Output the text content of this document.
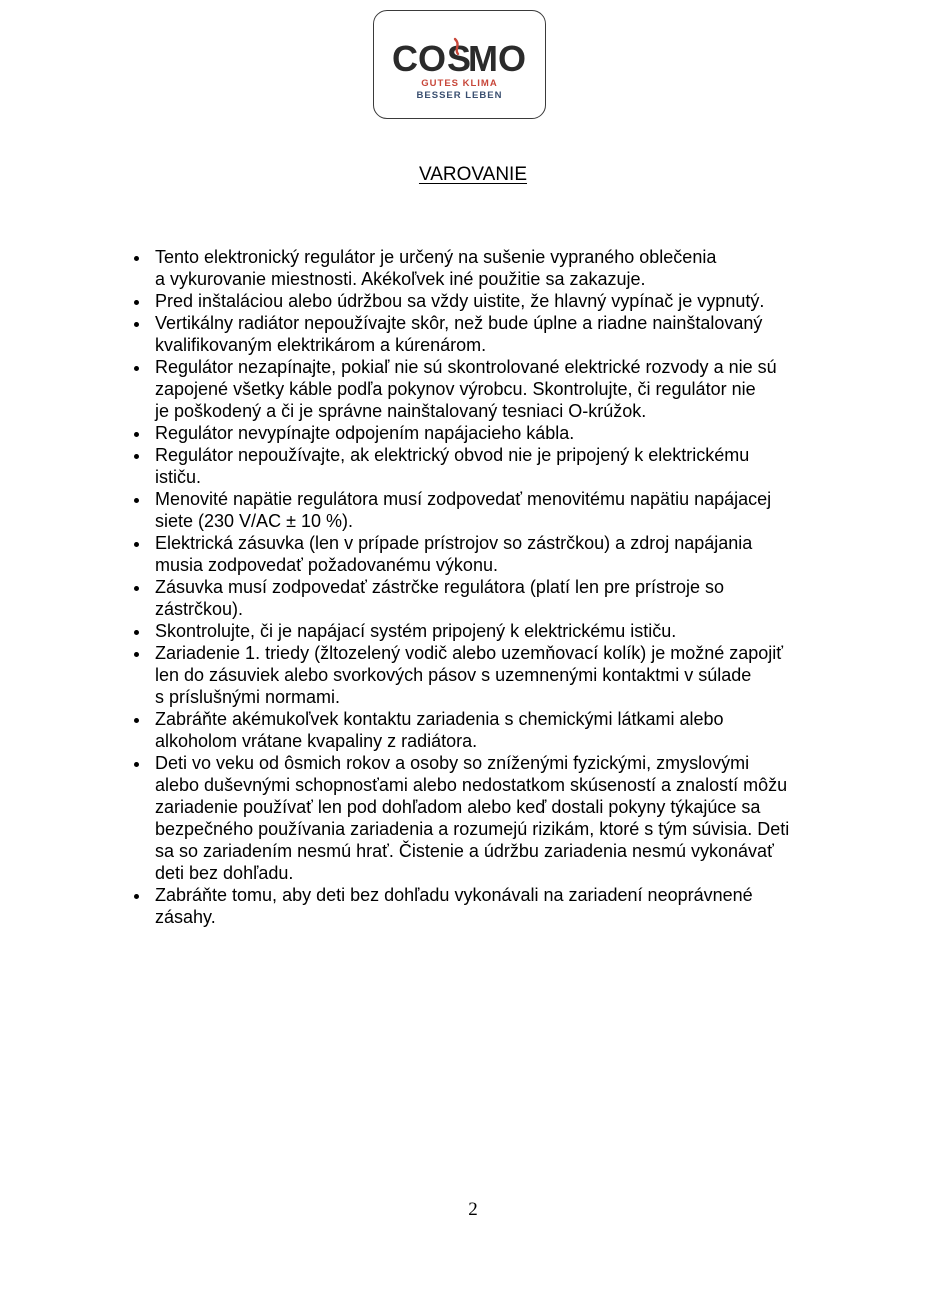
CO S
MO
GUTES KLIMA
BESSER LEBEN
VAROVANIE
Tento elektronický regulátor je určený na sušenie vypraného oblečenia
a vykurovanie miestnosti. Akékoľvek iné použitie sa zakazuje.
Pred inštaláciou alebo údržbou sa vždy uistite, že hlavný vypínač je vypnutý.
Vertikálny radiátor nepoužívajte skôr, než bude úplne a riadne nainštalovaný
kvalifikovaným elektrikárom a kúrenárom.
Regulátor nezapínajte, pokiaľ nie sú skontrolované elektrické rozvody a nie sú
zapojené všetky káble podľa pokynov výrobcu. Skontrolujte, či regulátor nie
je poškodený a či je správne nainštalovaný tesniaci O-krúžok.
Regulátor nevypínajte odpojením napájacieho kábla.
Regulátor nepoužívajte, ak elektrický obvod nie je pripojený k elektrickému
ističu.
Menovité napätie regulátora musí zodpovedať menovitému napätiu napájacej
siete (230 V/AC ± 10 %).
Elektrická zásuvka (len v prípade prístrojov so zástrčkou) a zdroj napájania
musia zodpovedať požadovanému výkonu.
Zásuvka musí zodpovedať zástrčke regulátora (platí len pre prístroje so
zástrčkou).
Skontrolujte, či je napájací systém pripojený k elektrickému ističu.
Zariadenie 1. triedy (žltozelený vodič alebo uzemňovací kolík) je možné zapojiť
len do zásuviek alebo svorkových pásov s uzemnenými kontaktmi v súlade
s príslušnými normami.
Zabráňte akémukoľvek kontaktu zariadenia s chemickými látkami alebo
alkoholom vrátane kvapaliny z radiátora.
Deti vo veku od ôsmich rokov a osoby so zníženými fyzickými, zmyslovými
alebo duševnými schopnosťami alebo nedostatkom skúseností a znalostí môžu
zariadenie používať len pod dohľadom alebo keď dostali pokyny týkajúce sa
bezpečného používania zariadenia a rozumejú rizikám, ktoré s tým súvisia. Deti
sa so zariadením nesmú hrať. Čistenie a údržbu zariadenia nesmú vykonávať
deti bez dohľadu.
Zabráňte tomu, aby deti bez dohľadu vykonávali na zariadení neoprávnené
zásahy.
2
